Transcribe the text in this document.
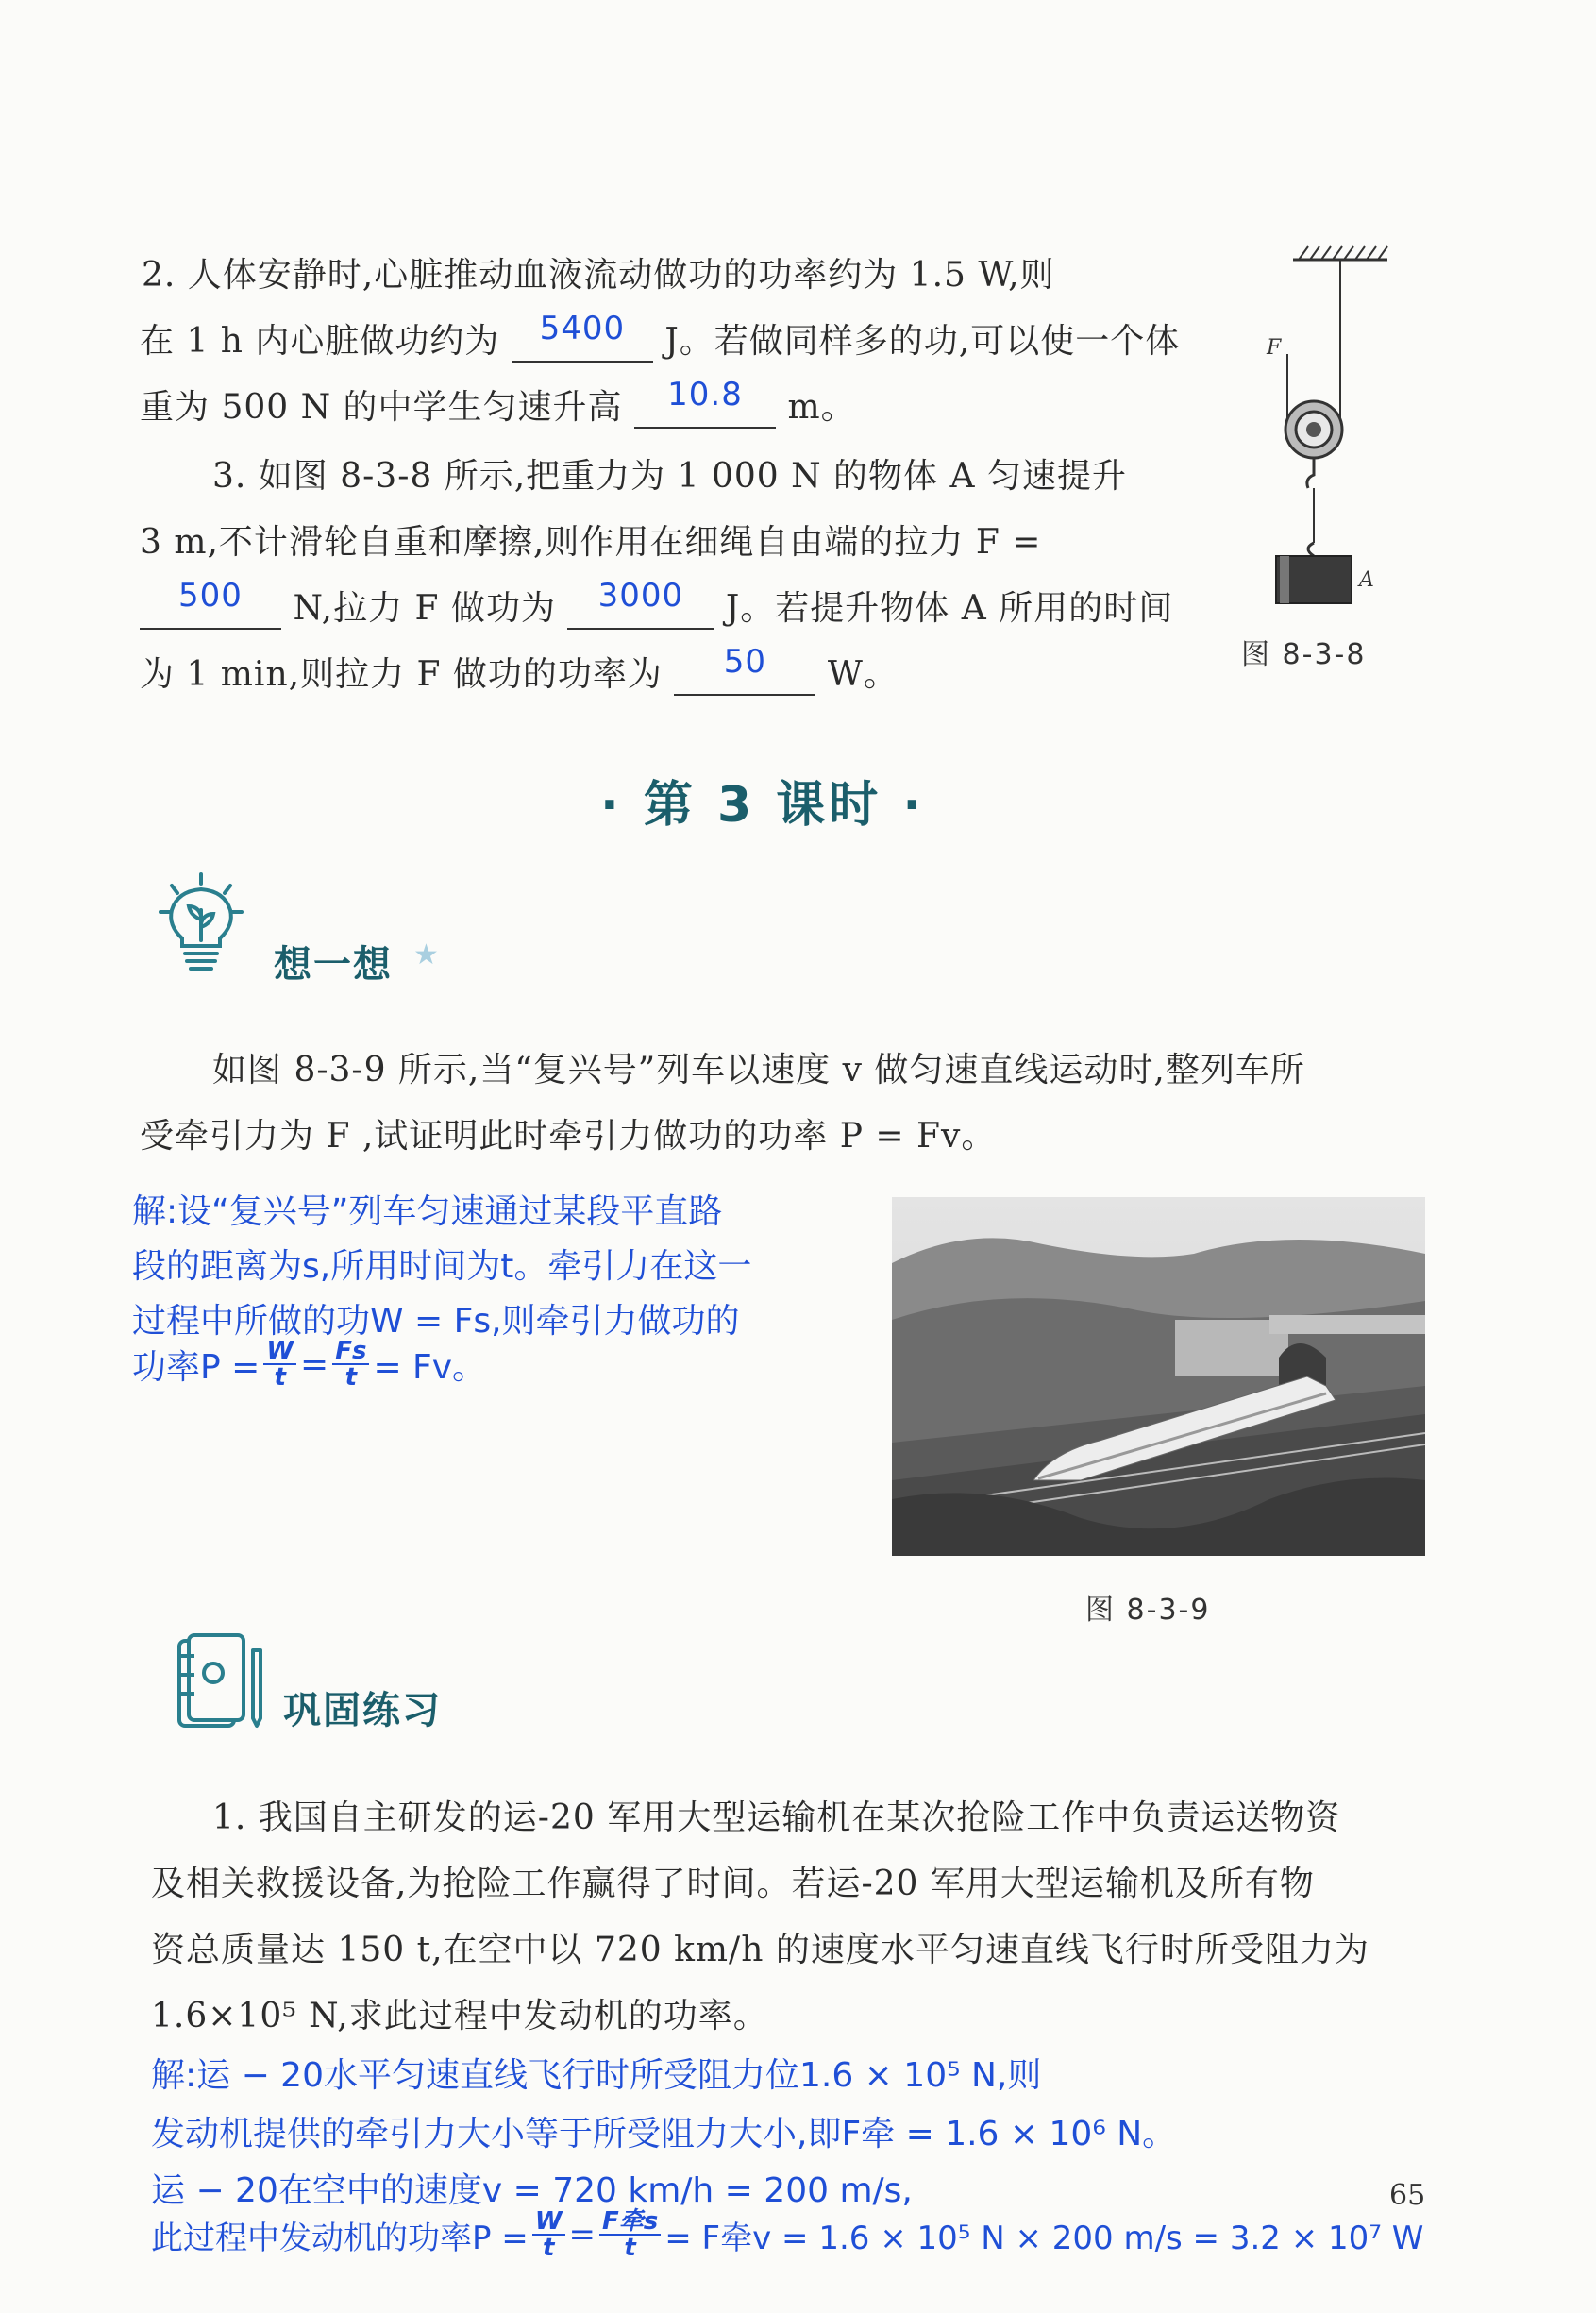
2. 人体安静时,心脏推动血液流动做功的功率约为 1.5 W,则
在 1 h 内心脏做功约为	5400	J。若做同样多的功,可以使一个体
重为 500 N 的中学生匀速升高	10.8	m。
3. 如图 8-3-8 所示,把重力为 1 000 N 的物体 A 匀速提升
3 m,不计滑轮自重和摩擦,则作用在细绳自由端的拉力 F =
500	N,拉力 F 做功为	3000	J。若提升物体 A 所用的时间
为 1 min,则拉力 F 做功的功率为	50	W。
F
A
图 8-3-8
· 第 3 课时 ·
想一想 ★
如图 8-3-9 所示,当“复兴号”列车以速度 v 做匀速直线运动时,整列车所
受牵引力为 F ,试证明此时牵引力做功的功率 P = Fv。
解:设“复兴号”列车匀速通过某段平直路
段的距离为s,所用时间为t。牵引力在这一
过程中所做的功W = Fs,则牵引力做功的
功率$P = \frac{W}{t} = \frac{Fs}{t} = Fv$。
图 8-3-9
巩固练习
1. 我国自主研发的运-20 军用大型运输机在某次抢险工作中负责运送物资
及相关救援设备,为抢险工作赢得了时间。若运-20 军用大型运输机及所有物
资总质量达 150 t,在空中以 720 km/h 的速度水平匀速直线飞行时所受阻力为
1.6×10⁵ N,求此过程中发动机的功率。
解:运 − 20水平匀速直线飞行时所受阻力位1.6 × 10⁵ N,则
发动机提供的牵引力大小等于所受阻力大小,即F牵 = 1.6 × 10⁶ N。
运 − 20在空中的速度v = 720 km/h = 200 m/s,
此过程中发动机的功率$P = \frac{W}{t} = \frac{\text{F牵s}}{t} = F$牵v = 1.6 × 10⁵ N × 200 m/s = 3.2 × 10⁷ W
65
